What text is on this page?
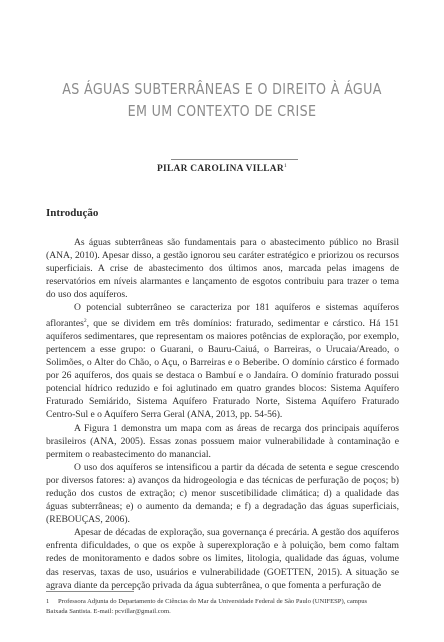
AS ÁGUAS SUBTERRÂNEAS E O DIREITO À ÁGUA
EM UM CONTEXTO DE CRISE
PILAR CAROLINA VILLAR$^1$
Introdução

As águas subterrâneas são fundamentais para o abastecimento público no Brasil (ANA, 2010). Apesar disso, a gestão ignorou seu caráter estratégico e priorizou os recursos superficiais. A crise de abastecimento dos últimos anos, marcada pelas imagens de reservatórios em níveis alarmantes e lançamento de esgotos contribuiu para trazer o tema do uso dos aquíferos.

O potencial subterrâneo se caracteriza por 181 aquíferos e sistemas aquíferos aflorantes$^2$, que se dividem em três domínios: fraturado, sedimentar e cárstico. Há 151 aquíferos sedimentares, que representam os maiores potências de exploração, por exemplo, pertencem a esse grupo: o Guarani, o Bauru-Caiuá, o Barreiras, o Urucaia/Areado, o Solimões, o Alter do Chão, o Açu, o Barreiras e o Beberibe. O domínio cárstico é formado por 26 aquíferos, dos quais se destaca o Bambuí e o Jandaíra. O domínio fraturado possui potencial hídrico reduzido e foi aglutinado em quatro grandes blocos: Sistema Aquífero Fraturado Semiárido, Sistema Aquífero Fraturado Norte, Sistema Aquífero Fraturado Centro-Sul e o Aquífero Serra Geral (ANA, 2013, pp. 54-56).

A Figura 1 demonstra um mapa com as áreas de recarga dos principais aquíferos brasileiros (ANA, 2005). Essas zonas possuem maior vulnerabilidade à contaminação e permitem o reabastecimento do manancial.

O uso dos aquíferos se intensificou a partir da década de setenta e segue crescendo por diversos fatores: a) avanços da hidrogeologia e das técnicas de perfuração de poços; b) redução dos custos de extração; c) menor suscetibilidade climática; d) a qualidade das águas subterrâneas; e) o aumento da demanda; e f) a degradação das águas superficiais, (REBOUÇAS, 2006).

Apesar de décadas de exploração, sua governança é precária. A gestão dos aquíferos enfrenta dificuldades, o que os expõe à superexploração e à poluição, bem como faltam redes de monitoramento e dados sobre os limites, litologia, qualidade das águas, volume das reservas, taxas de uso, usuários e vulnerabilidade (GOETTEN, 2015). A situação se agrava diante da percepção privada da água subterrânea, o que fomenta a perfuração de

1 Professora Adjunta do Departamento de Ciências do Mar da Universidade Federal de São Paulo (UNIFESP), campus
Baixada Santista. E-mail: pcvillar@gmail.com.
